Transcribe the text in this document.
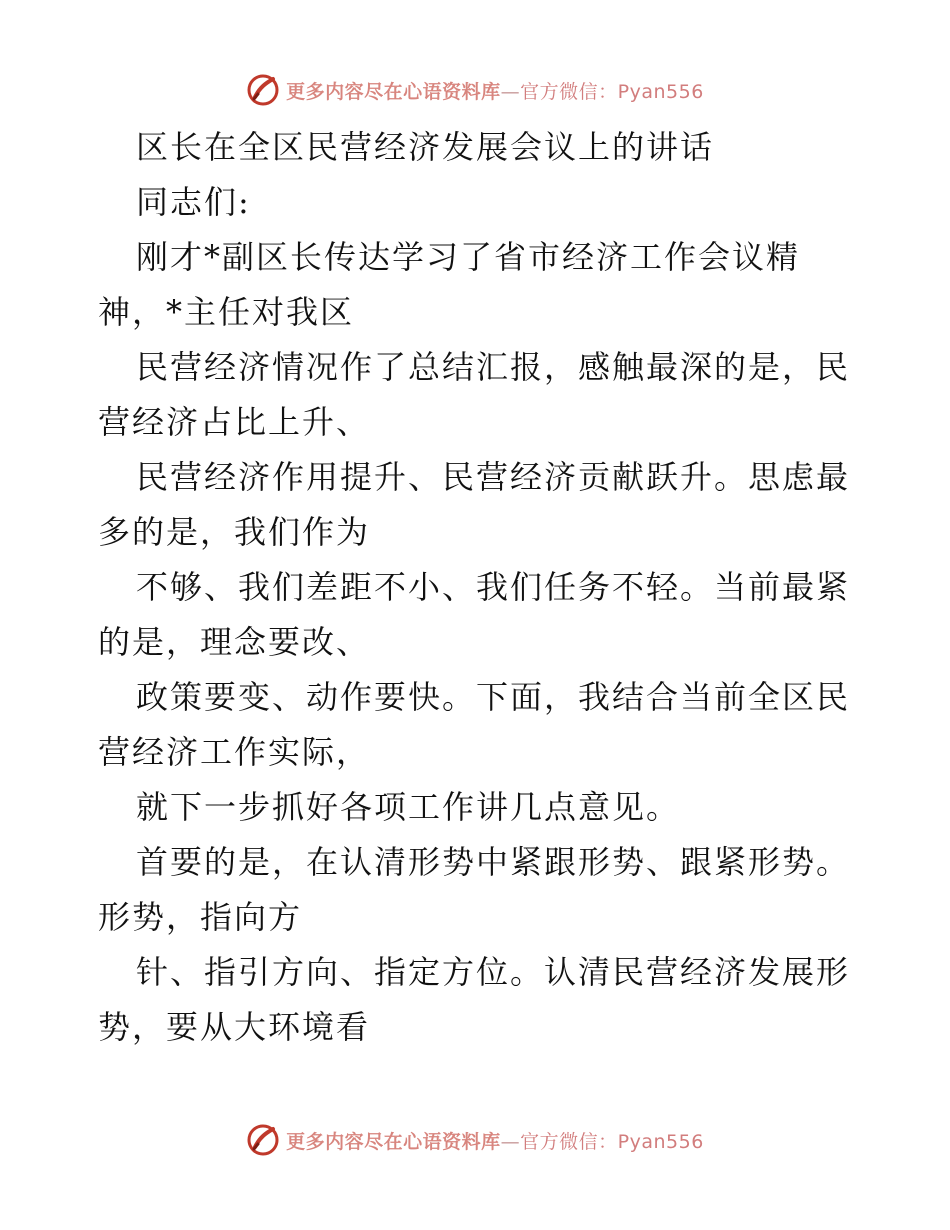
更多内容尽在心语资料库—官方微信：Pyan556
区长在全区民营经济发展会议上的讲话
同志们:
刚才*副区长传达学习了省市经济工作会议精
神，*主任对我区
民营经济情况作了总结汇报，感触最深的是，民
营经济占比上升、
民营经济作用提升、民营经济贡献跃升。思虑最
多的是，我们作为
不够、我们差距不小、我们任务不轻。当前最紧
的是，理念要改、
政策要变、动作要快。下面，我结合当前全区民
营经济工作实际，
就下一步抓好各项工作讲几点意见。
首要的是，在认清形势中紧跟形势、跟紧形势。
形势，指向方
针、指引方向、指定方位。认清民营经济发展形
势，要从大环境看
更多内容尽在心语资料库—官方微信：Pyan556
